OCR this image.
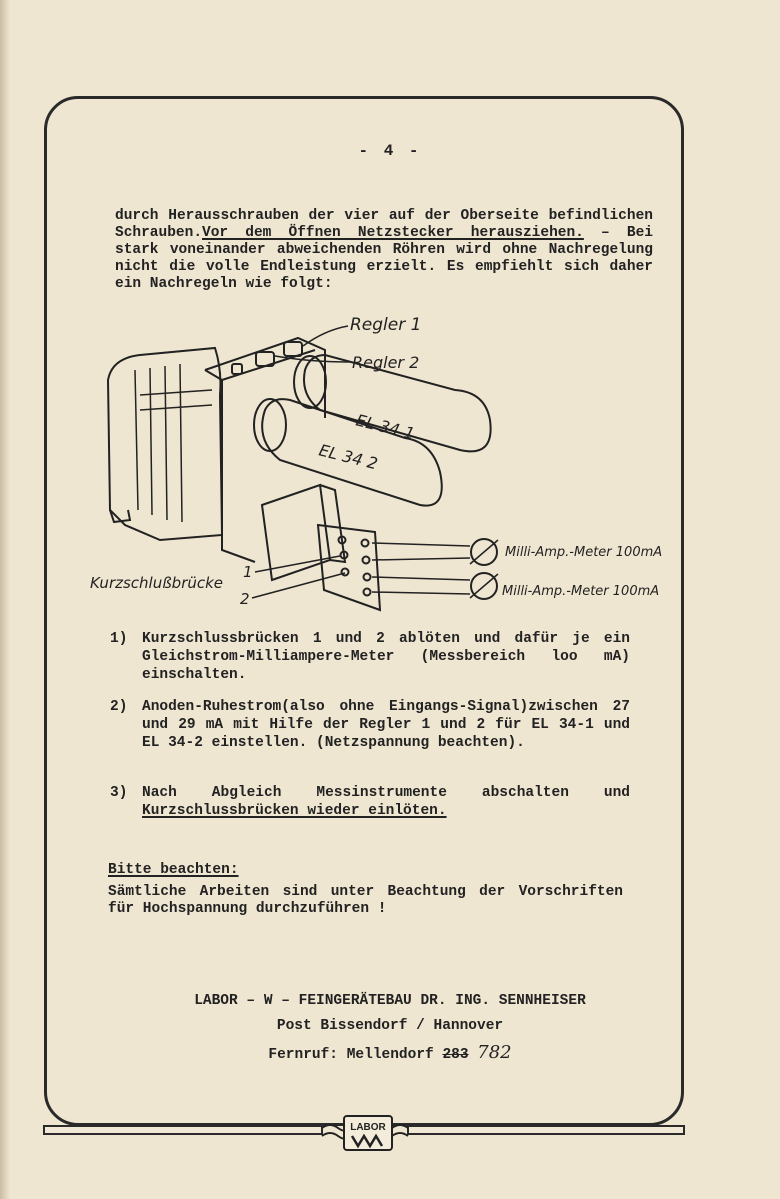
- 4 -

durch Herausschrauben der vier auf der Oberseite befindlichen Schrauben.Vor dem Öffnen Netzstecker herausziehen. – Bei stark voneinander abweichenden Röhren wird ohne Nachregelung nicht die volle Endleistung erzielt. Es empfiehlt sich daher ein Nachregeln wie folgt:

EL 34 1
EL 34 2
Regler 1
Regler 2
Milli-Amp.-Meter 100mA
Milli-Amp.-Meter 100mA
Kurzschlußbrücke
1
2
1) Kurzschlussbrücken 1 und 2 ablöten und dafür je ein Gleichstrom-Milliampere-Meter (Messbereich loo mA) einschalten.
2) Anoden-Ruhestrom(also ohne Eingangs-Signal)zwischen 27 und 29 mA mit Hilfe der Regler 1 und 2 für EL 34-1 und EL 34-2 einstellen. (Netzspannung beachten).
3) Nach Abgleich Messinstrumente abschalten und Kurzschlussbrücken wieder einlöten.
Bitte beachten:
Sämtliche Arbeiten sind unter Beachtung der Vorschriften für Hochspannung durchzuführen !
LABOR – W – FEINGERÄTEBAU DR. ING. SENNHEISER
Post Bissendorf / Hannover
Fernruf: Mellendorf 283 782
LABOR
